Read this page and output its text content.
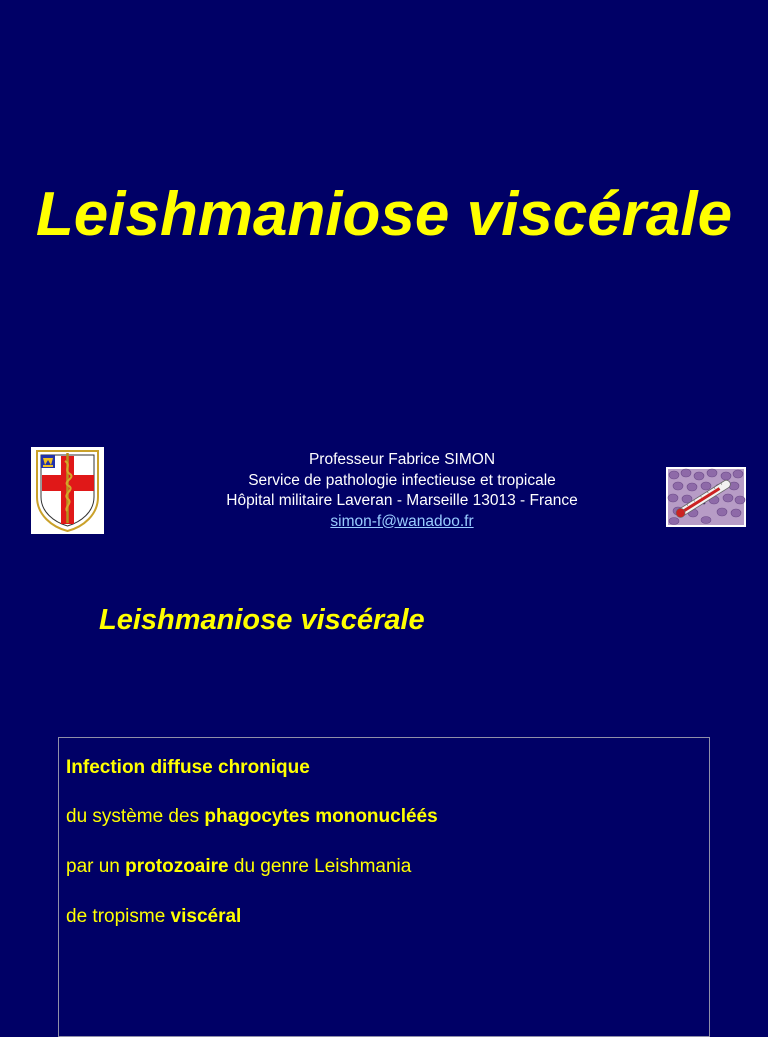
Leishmaniose viscérale
Professeur Fabrice SIMON
Service de pathologie infectieuse et tropicale
Hôpital militaire Laveran - Marseille 13013 - France
simon-f@wanadoo.fr
Leishmaniose viscérale
Infection diffuse chronique
du système des phagocytes mononucléés
par un protozoaire du genre Leishmania
de tropisme viscéral
